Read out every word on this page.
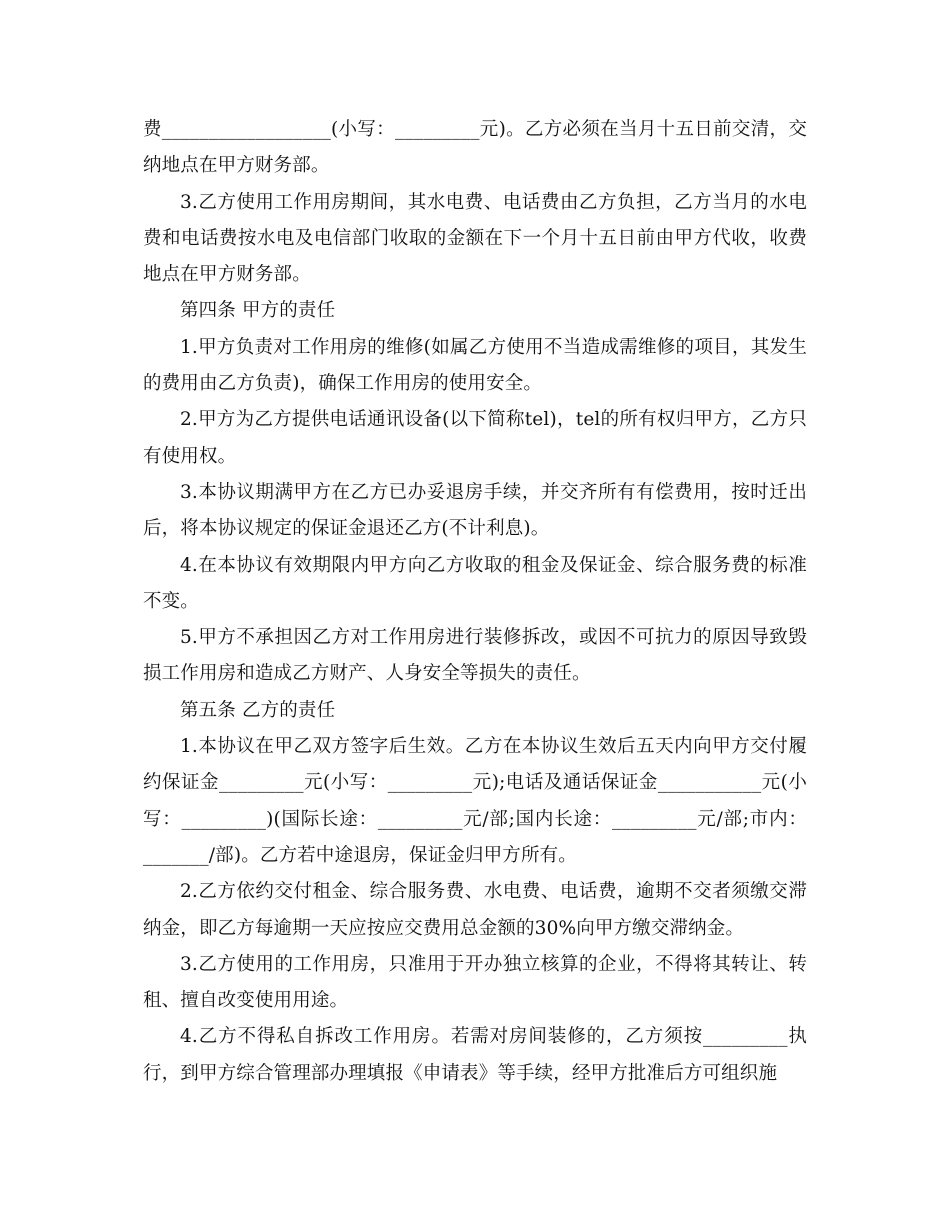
费__________________(小写：_________元)。乙方必须在当月十五日前交清，交纳地点在甲方财务部。

3.乙方使用工作用房期间，其水电费、电话费由乙方负担，乙方当月的水电费和电话费按水电及电信部门收取的金额在下一个月十五日前由甲方代收，收费地点在甲方财务部。

第四条 甲方的责任

1.甲方负责对工作用房的维修(如属乙方使用不当造成需维修的项目，其发生的费用由乙方负责)，确保工作用房的使用安全。

2.甲方为乙方提供电话通讯设备(以下简称tel)，tel的所有权归甲方，乙方只有使用权。

3.本协议期满甲方在乙方已办妥退房手续，并交齐所有有偿费用，按时迁出后，将本协议规定的保证金退还乙方(不计利息)。

4.在本协议有效期限内甲方向乙方收取的租金及保证金、综合服务费的标准不变。

5.甲方不承担因乙方对工作用房进行装修拆改，或因不可抗力的原因导致毁损工作用房和造成乙方财产、人身安全等损失的责任。

第五条 乙方的责任

1.本协议在甲乙双方签字后生效。乙方在本协议生效后五天内向甲方交付履约保证金_________元(小写：_________元);电话及通话保证金___________元(小写：_________)(国际长途：_________元/部;国内长途：_________元/部;市内：_______/部)。乙方若中途退房，保证金归甲方所有。

2.乙方依约交付租金、综合服务费、水电费、电话费，逾期不交者须缴交滞纳金，即乙方每逾期一天应按应交费用总金额的30%向甲方缴交滞纳金。

3.乙方使用的工作用房，只准用于开办独立核算的企业，不得将其转让、转租、擅自改变使用用途。

4.乙方不得私自拆改工作用房。若需对房间装修的，乙方须按_________执行，到甲方综合管理部办理填报《申请表》等手续，经甲方批准后方可组织施
